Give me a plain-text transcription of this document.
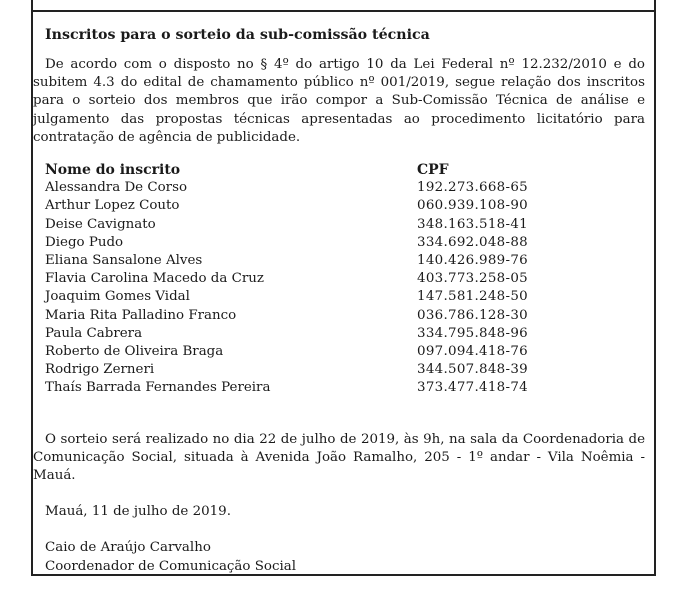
Inscritos para o sorteio da sub-comissão técnica

De acordo com o disposto no § 4º do artigo 10 da Lei Federal nº 12.232/2010 e do subitem 4.3 do edital de chamamento público nº 001/2019, segue relação dos inscritos para o sorteio dos membros que irão compor a Sub-Comissão Técnica de análise e julgamento das propostas técnicas apresentadas ao procedimento licitatório para contratação de agência de publicidade.

Nome do inscrito	CPF
Alessandra De Corso	192.273.668-65
Arthur Lopez Couto	060.939.108-90
Deise Cavignato	348.163.518-41
Diego Pudo	334.692.048-88
Eliana Sansalone Alves	140.426.989-76
Flavia Carolina Macedo da Cruz	403.773.258-05
Joaquim Gomes Vidal	147.581.248-50
Maria Rita Palladino Franco	036.786.128-30
Paula Cabrera	334.795.848-96
Roberto de Oliveira Braga	097.094.418-76
Rodrigo Zerneri	344.507.848-39
Thaís Barrada Fernandes Pereira	373.477.418-74

O sorteio será realizado no dia 22 de julho de 2019, às 9h, na sala da Coordenadoria de Comunicação Social, situada à Avenida João Ramalho, 205 - 1º andar - Vila Noêmia - Mauá.

Mauá, 11 de julho de 2019.
Caio de Araújo Carvalho
Coordenador de Comunicação Social
